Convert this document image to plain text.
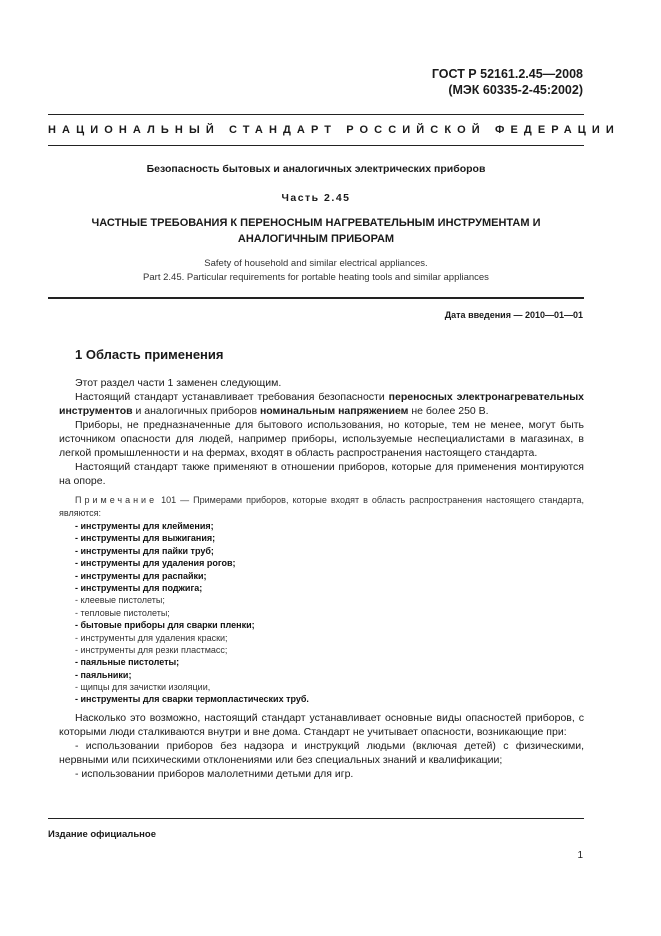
ГОСТ Р 52161.2.45—2008
(МЭК 60335-2-45:2002)
НАЦИОНАЛЬНЫЙ СТАНДАРТ РОССИЙСКОЙ ФЕДЕРАЦИИ
Безопасность бытовых и аналогичных электрических приборов
Часть 2.45
ЧАСТНЫЕ ТРЕБОВАНИЯ К ПЕРЕНОСНЫМ НАГРЕВАТЕЛЬНЫМ ИНСТРУМЕНТАМ И
АНАЛОГИЧНЫМ ПРИБОРАМ
Safety of household and similar electrical appliances.
Part 2.45. Particular requirements for portable heating tools and similar appliances
Дата введения — 2010—01—01
1 Область применения

Этот раздел части 1 заменен следующим.

Настоящий стандарт устанавливает требования безопасности переносных электронагревательных инструментов и аналогичных приборов номинальным напряжением не более 250 В.

Приборы, не предназначенные для бытового использования, но которые, тем не менее, могут быть источником опасности для людей, например приборы, используемые неспециалистами в магазинах, в легкой промышленности и на фермах, входят в область распространения настоящего стандарта.

Настоящий стандарт также применяют в отношении приборов, которые для применения монтируются на опоре.

Примечание 101 — Примерами приборов, которые входят в область распространения настоящего стандарта, являются:

- инструменты для клеймения;
- инструменты для выжигания;
- инструменты для пайки труб;
- инструменты для удаления рогов;
- инструменты для распайки;
- инструменты для поджига;
- клеевые пистолеты;
- тепловые пистолеты;
- бытовые приборы для сварки пленки;
- инструменты для удаления краски;
- инструменты для резки пластмасс;
- паяльные пистолеты;
- паяльники;
- щипцы для зачистки изоляции,
- инструменты для сварки термопластических труб.

Насколько это возможно, настоящий стандарт устанавливает основные виды опасностей приборов, с которыми люди сталкиваются внутри и вне дома. Стандарт не учитывает опасности, возникающие при:

- использовании приборов без надзора и инструкций людьми (включая детей) с физическими, нервными или психическими отклонениями или без специальных знаний и квалификации;

- использовании приборов малолетними детьми для игр.

Издание официальное
1
